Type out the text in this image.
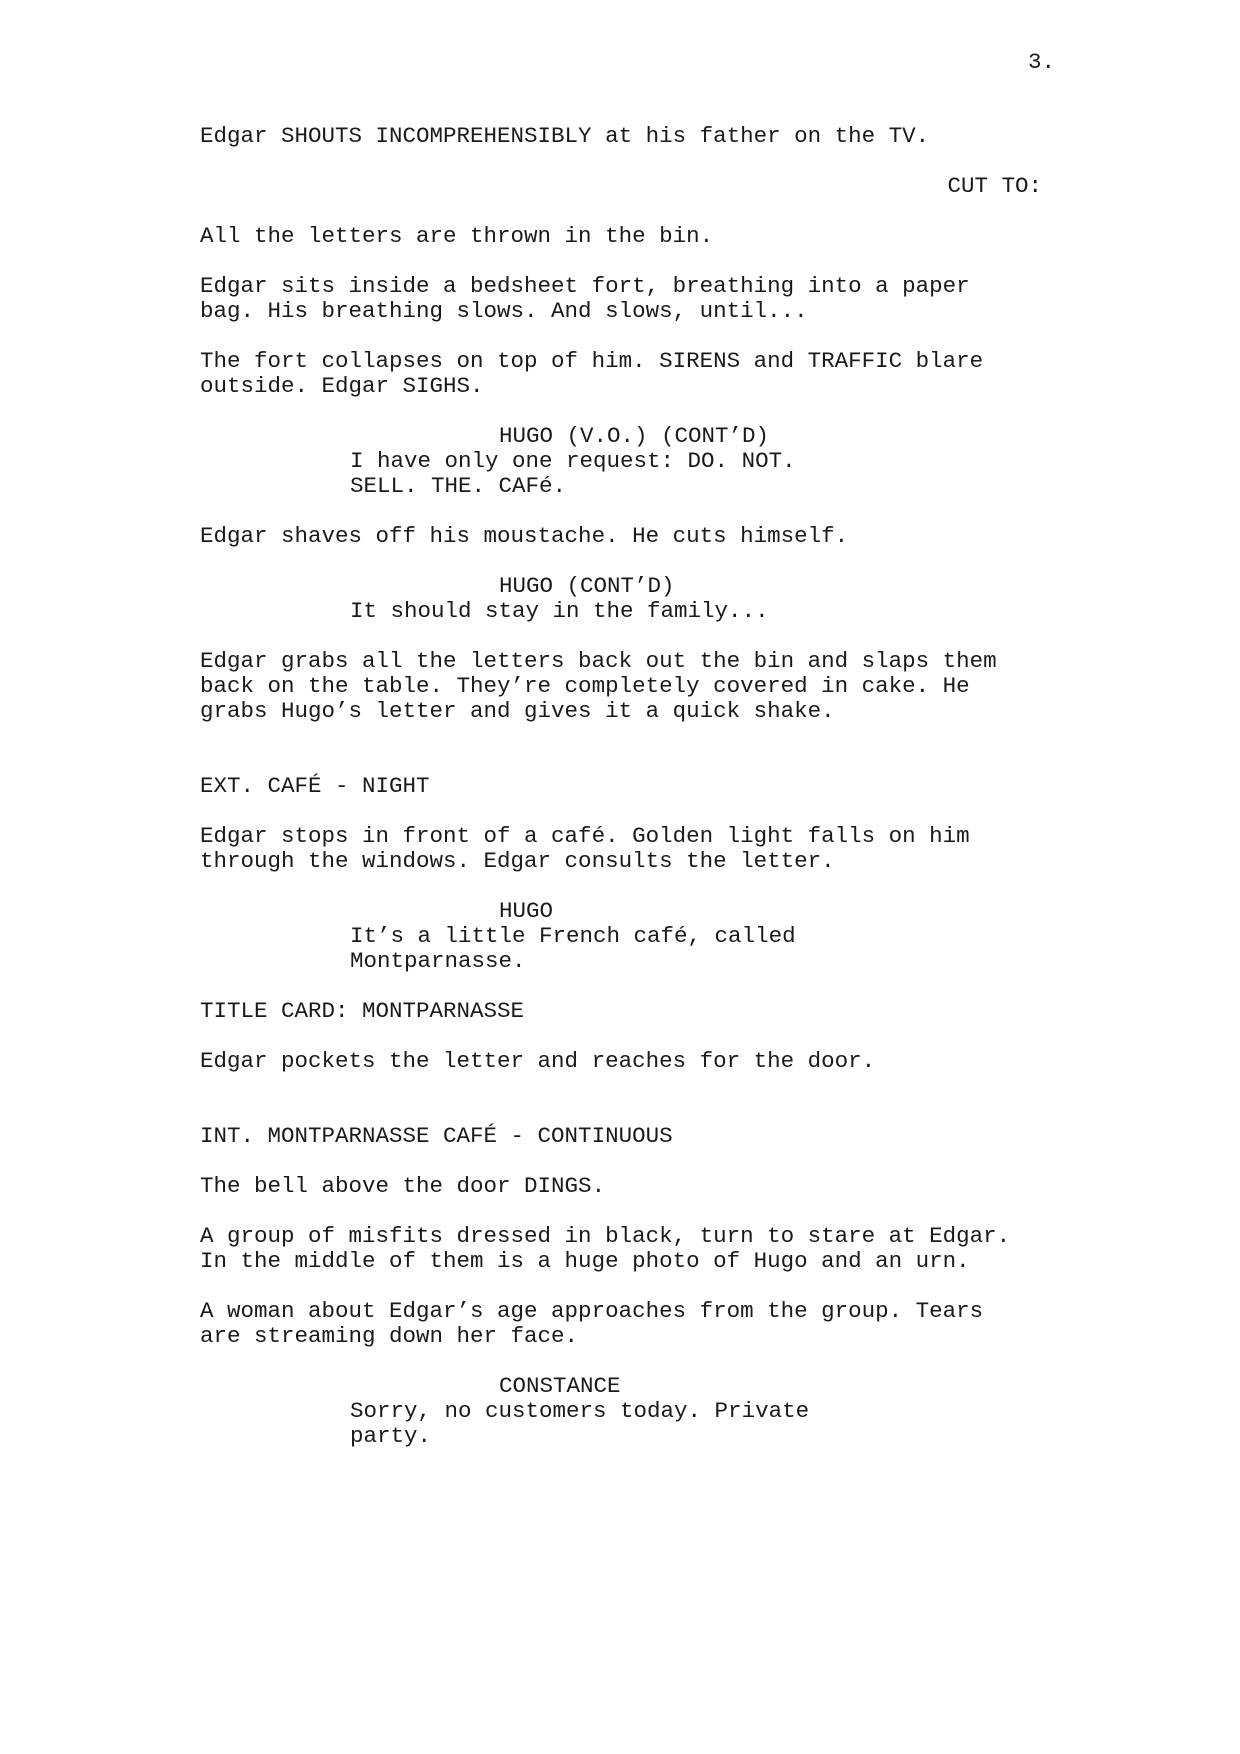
3.
Edgar SHOUTS INCOMPREHENSIBLY at his father on the TV.
CUT TO:
All the letters are thrown in the bin.
Edgar sits inside a bedsheet fort, breathing into a paper
bag. His breathing slows. And slows, until...
The fort collapses on top of him. SIRENS and TRAFFIC blare
outside. Edgar SIGHS.
HUGO (V.O.) (CONT’D)
I have only one request: DO. NOT.
SELL. THE. CAFé.
Edgar shaves off his moustache. He cuts himself.
HUGO (CONT’D)
It should stay in the family...
Edgar grabs all the letters back out the bin and slaps them
back on the table. They’re completely covered in cake. He
grabs Hugo’s letter and gives it a quick shake.
EXT. CAFÉ - NIGHT
Edgar stops in front of a café. Golden light falls on him
through the windows. Edgar consults the letter.
HUGO
It’s a little French café, called
Montparnasse.
TITLE CARD: MONTPARNASSE
Edgar pockets the letter and reaches for the door.
INT. MONTPARNASSE CAFÉ - CONTINUOUS
The bell above the door DINGS.
A group of misfits dressed in black, turn to stare at Edgar.
In the middle of them is a huge photo of Hugo and an urn.
A woman about Edgar’s age approaches from the group. Tears
are streaming down her face.
CONSTANCE
Sorry, no customers today. Private
party.
